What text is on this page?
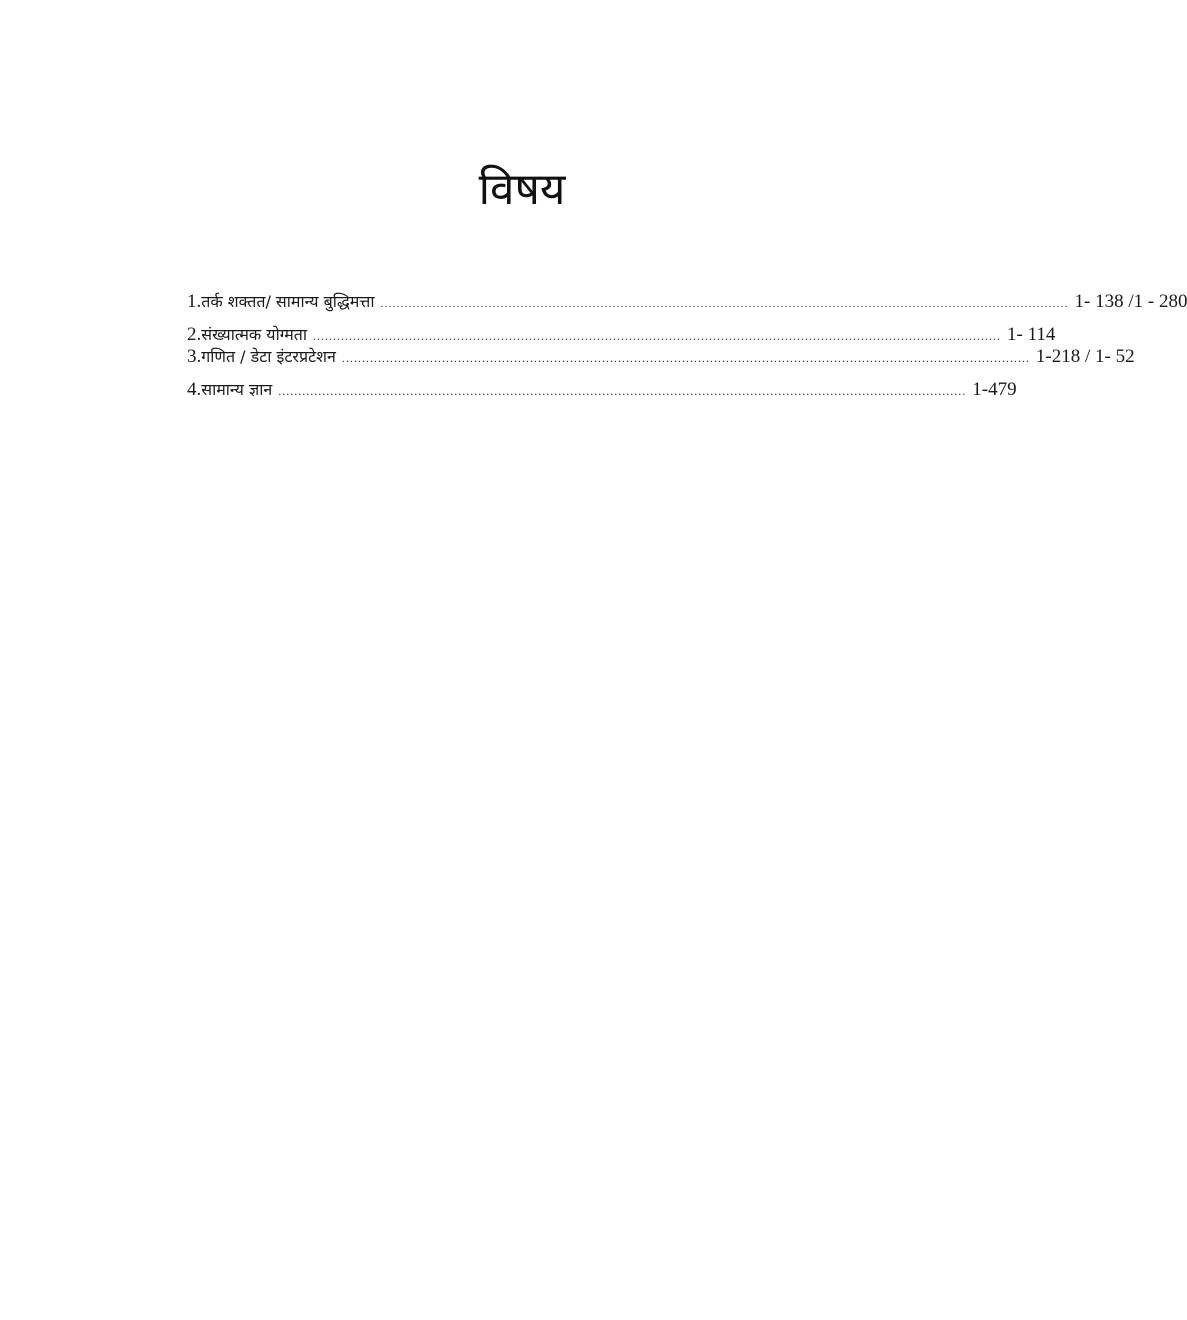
विषय
1. तर्क शक्तत/ सामान्य बुद्धिमत्ता ............................................................................................................................................................................ 1- 138 /1 - 280
2. संख्यात्मक योग्मता ............................................................................................................................................................................ 1- 114
3. गणित / डेटा इंटरप्रटेशन ............................................................................................................................................................................ 1-218 / 1- 52
4. सामान्य ज्ञान ............................................................................................................................................................................ 1-479
